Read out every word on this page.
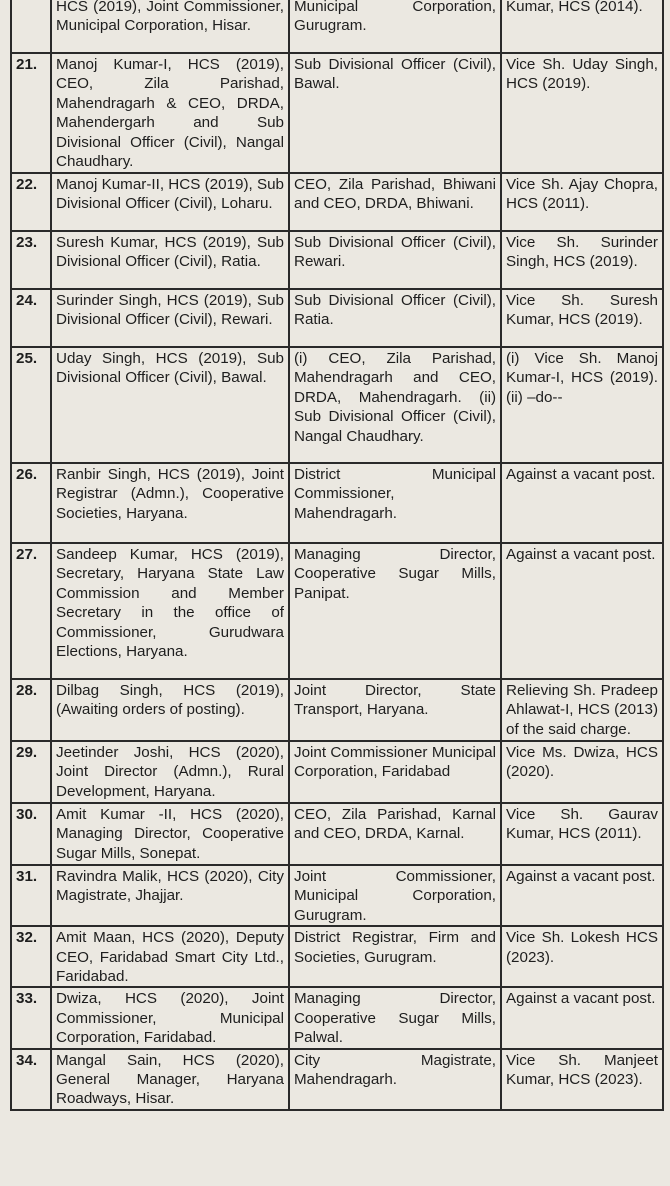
	HCS (2019), Joint Commissioner, Municipal Corporation, Hisar.	Municipal Corporation, Gurugram.	Kumar, HCS (2014).
21.	Manoj Kumar-I, HCS (2019), CEO, Zila Parishad, Mahendragarh & CEO, DRDA, Mahendergarh and Sub Divisional Officer (Civil), Nangal Chaudhary.	Sub Divisional Officer (Civil), Bawal.	Vice Sh. Uday Singh, HCS (2019).
22.	Manoj Kumar-II, HCS (2019), Sub Divisional Officer (Civil), Loharu.	CEO, Zila Parishad, Bhiwani and CEO, DRDA, Bhiwani.	Vice Sh. Ajay Chopra, HCS (2011).
23.	Suresh Kumar, HCS (2019), Sub Divisional Officer (Civil), Ratia.	Sub Divisional Officer (Civil), Rewari.	Vice Sh. Surinder Singh, HCS (2019).
24.	Surinder Singh, HCS (2019), Sub Divisional Officer (Civil), Rewari.	Sub Divisional Officer (Civil), Ratia.	Vice Sh. Suresh Kumar, HCS (2019).
25.	Uday Singh, HCS (2019), Sub Divisional Officer (Civil), Bawal.	(i) CEO, Zila Parishad, Mahendragarh and CEO, DRDA, Mahendragarh. (ii) Sub Divisional Officer (Civil), Nangal Chaudhary.	(i) Vice Sh. Manoj Kumar-I, HCS (2019). (ii) –do--
26.	Ranbir Singh, HCS (2019), Joint Registrar (Admn.), Cooperative Societies, Haryana.	District Municipal Commissioner, Mahendragarh.	Against a vacant post.
27.	Sandeep Kumar, HCS (2019), Secretary, Haryana State Law Commission and Member Secretary in the office of Commissioner, Gurudwara Elections, Haryana.	Managing Director, Cooperative Sugar Mills, Panipat.	Against a vacant post.
28.	Dilbag Singh, HCS (2019), (Awaiting orders of posting).	Joint Director, State Transport, Haryana.	Relieving Sh. Pradeep Ahlawat-I, HCS (2013) of the said charge.
29.	Jeetinder Joshi, HCS (2020), Joint Director (Admn.), Rural Development, Haryana.	Joint Commissioner Municipal Corporation, Faridabad	Vice Ms. Dwiza, HCS (2020).
30.	Amit Kumar -II, HCS (2020), Managing Director, Cooperative Sugar Mills, Sonepat.	CEO, Zila Parishad, Karnal and CEO, DRDA, Karnal.	Vice Sh. Gaurav Kumar, HCS (2011).
31.	Ravindra Malik, HCS (2020), City Magistrate, Jhajjar.	Joint Commissioner, Municipal Corporation, Gurugram.	Against a vacant post.
32.	Amit Maan, HCS (2020), Deputy CEO, Faridabad Smart City Ltd., Faridabad.	District Registrar, Firm and Societies, Gurugram.	Vice Sh. Lokesh HCS (2023).
33.	Dwiza, HCS (2020), Joint Commissioner, Municipal Corporation, Faridabad.	Managing Director, Cooperative Sugar Mills, Palwal.	Against a vacant post.
34.	Mangal Sain, HCS (2020), General Manager, Haryana Roadways, Hisar.	City Magistrate, Mahendragarh.	Vice Sh. Manjeet Kumar, HCS (2023).
